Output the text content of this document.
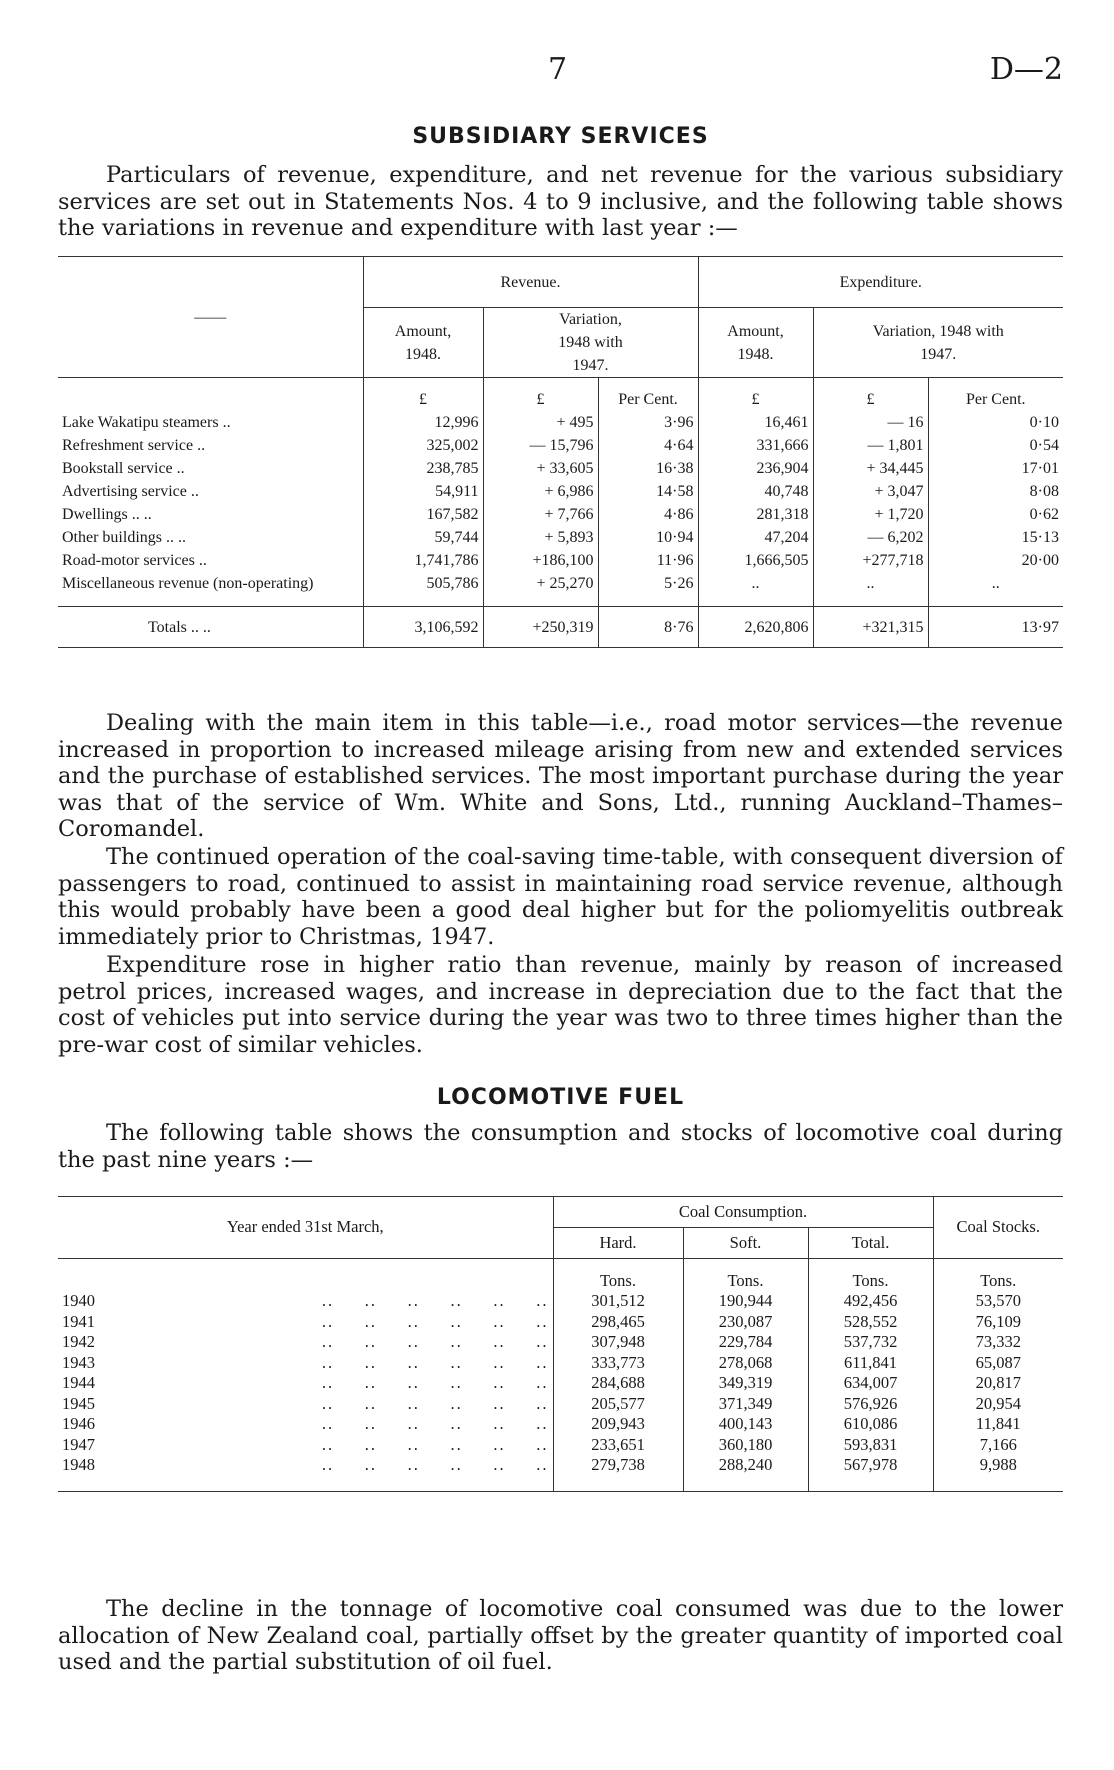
7	D—2
SUBSIDIARY SERVICES

Particulars of revenue, expenditure, and net revenue for the various subsidiary services are set out in Statements Nos. 4 to 9 inclusive, and the following table shows the variations in revenue and expenditure with last year :—

——	Revenue.			Expenditure.		
	Amount, 1948.	Variation, 1948 with 1947.		Amount, 1948.	Variation, 1948 with 1947.	

	£	£	Per Cent.	£	£	Per Cent.
Lake Wakatipu steamers ..	12,996	+ 495	3·96	16,461	— 16	0·10
Refreshment service ..	325,002	— 15,796	4·64	331,666	— 1,801	0·54
Bookstall service ..	238,785	+ 33,605	16·38	236,904	+ 34,445	17·01
Advertising service ..	54,911	+ 6,986	14·58	40,748	+ 3,047	8·08
Dwellings .. ..	167,582	+ 7,766	4·86	281,318	+ 1,720	0·62
Other buildings .. ..	59,744	+ 5,893	10·94	47,204	— 6,202	15·13
Road-motor services ..	1,741,786	+186,100	11·96	1,666,505	+277,718	20·00
Miscellaneous revenue (non-operating)	505,786	+ 25,270	5·26	..	..	..

Totals .. ..	3,106,592	+250,319	8·76	2,620,806	+321,315	13·97

Dealing with the main item in this table—i.e., road motor services—the revenue increased in proportion to increased mileage arising from new and extended services and the purchase of established services. The most important purchase during the year was that of the service of Wm. White and Sons, Ltd., running Auckland–Thames–Coromandel.

The continued operation of the coal-saving time-table, with consequent diversion of passengers to road, continued to assist in maintaining road service revenue, although this would probably have been a good deal higher but for the poliomyelitis outbreak immediately prior to Christmas, 1947.

Expenditure rose in higher ratio than revenue, mainly by reason of increased petrol prices, increased wages, and increase in depreciation due to the fact that the cost of vehicles put into service during the year was two to three times higher than the pre-war cost of similar vehicles.

LOCOMOTIVE FUEL

The following table shows the consumption and stocks of locomotive coal during the past nine years :—

Year ended 31st March,	Coal Consumption.			Coal Stocks.
	Hard.	Soft.	Total.	

	Tons.	Tons.	Tons.	Tons.
1940 ..     ..     ..     ..     ..     ..	301,512	190,944	492,456	53,570
1941 ..     ..     ..     ..     ..     ..	298,465	230,087	528,552	76,109
1942 ..     ..     ..     ..     ..     ..	307,948	229,784	537,732	73,332
1943 ..     ..     ..     ..     ..     ..	333,773	278,068	611,841	65,087
1944 ..     ..     ..     ..     ..     ..	284,688	349,319	634,007	20,817
1945 ..     ..     ..     ..     ..     ..	205,577	371,349	576,926	20,954
1946 ..     ..     ..     ..     ..     ..	209,943	400,143	610,086	11,841
1947 ..     ..     ..     ..     ..     ..	233,651	360,180	593,831	7,166
1948 ..     ..     ..     ..     ..     ..	279,738	288,240	567,978	9,988

The decline in the tonnage of locomotive coal consumed was due to the lower allocation of New Zealand coal, partially offset by the greater quantity of imported coal used and the partial substitution of oil fuel.
